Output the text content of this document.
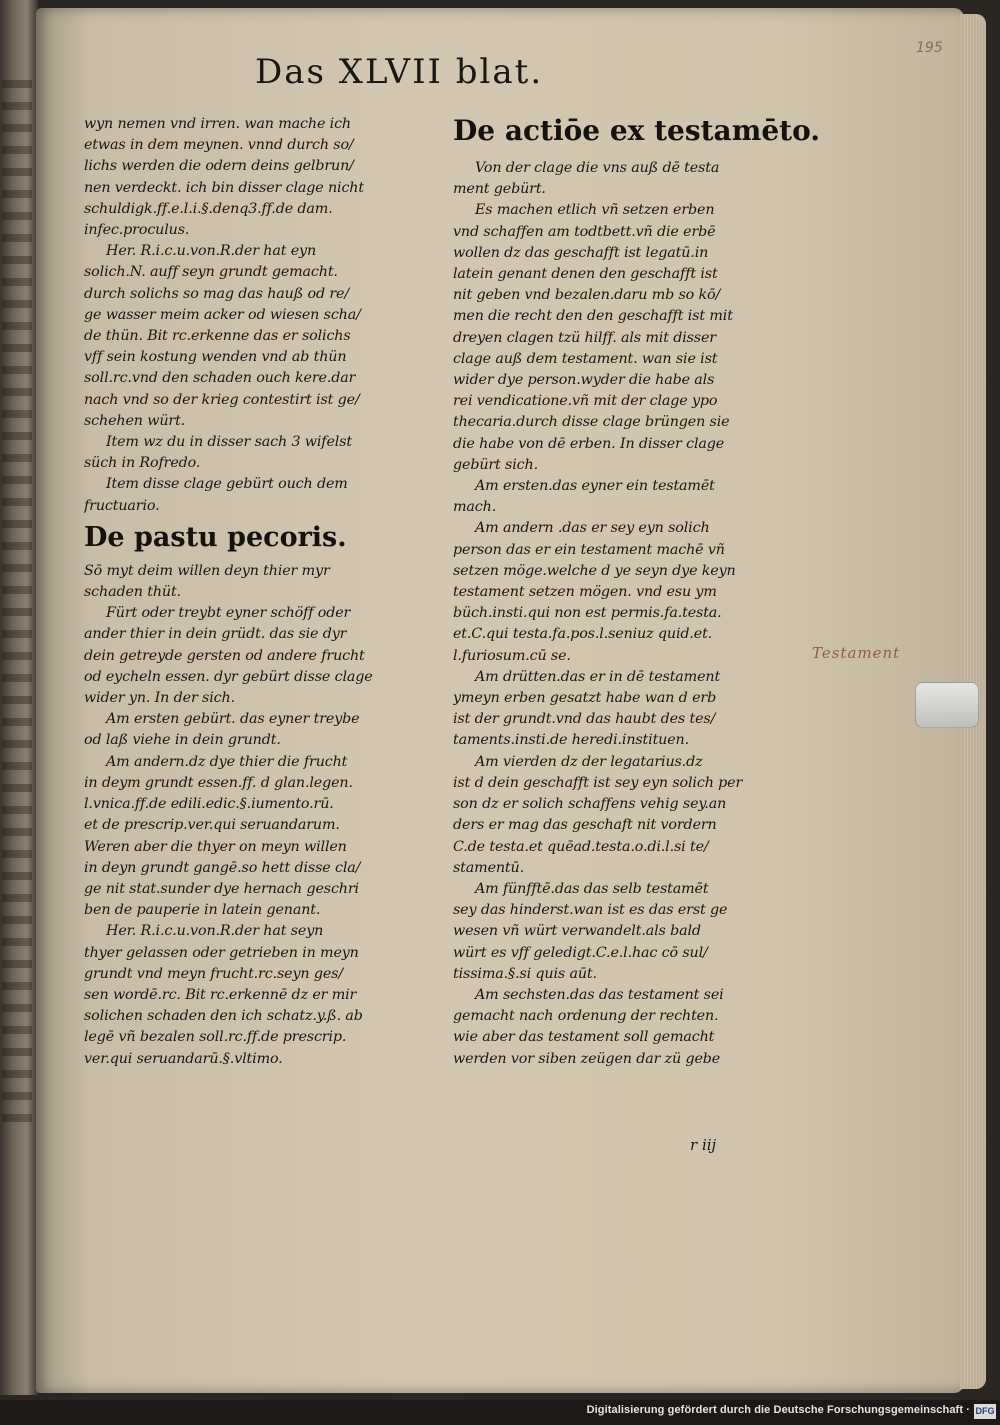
Das XLVII blat.
195
wyn nemen vnd irren. wan mache ich
etwas in dem meynen. vnnd durch so/
lichs werden die odern deins gelbrun/
nen verdeckt. ich bin disser clage nicht
schuldigk.ff.e.l.i.§.denq3.ff.de dam.
infec.proculus.
Her. R.i.c.u.von.R.der hat eyn
solich.N. auff seyn grundt gemacht.
durch solichs so mag das hauß od re/
ge wasser meim acker od wiesen scha/
de thün. Bit rc.erkenne das er solichs
vff sein kostung wenden vnd ab thün
soll.rc.vnd den schaden ouch kere.dar
nach vnd so der krieg contestirt ist ge/
schehen würt.
Item wz du in disser sach 3 wifelst
süch in Rofredo.
Item disse clage gebürt ouch dem
fructuario.
De pastu pecoris.
Sō myt deim willen deyn thier myr
schaden thüt.
Fürt oder treybt eyner schöff oder
ander thier in dein grüdt. das sie dyr
dein getreyde gersten od andere frucht
od eycheln essen. dyr gebürt disse clage
wider yn. In der sich.
Am ersten gebürt. das eyner treybe
od laß viehe in dein grundt.
Am andern.dz dye thier die frucht
in deym grundt essen.ff. d glan.legen.
l.vnica.ff.de edili.edic.§.iumento.rū.
et de prescrip.ver.qui seruandarum.
Weren aber die thyer on meyn willen
in deyn grundt gangē.so hett disse cla/
ge nit stat.sunder dye hernach geschri
ben de pauperie in latein genant.
Her. R.i.c.u.von.R.der hat seyn
thyer gelassen oder getrieben in meyn
grundt vnd meyn frucht.rc.seyn ges/
sen wordē.rc. Bit rc.erkennē dz er mir
solichen schaden den ich schatz.y.ß. ab
legē vñ bezalen soll.rc.ff.de prescrip.
ver.qui seruandarū.§.vltimo.
De actiōe ex testamēto.
Von der clage die vns auß dē testa
ment gebürt.
Es machen etlich vñ setzen erben
vnd schaffen am todtbett.vñ die erbē
wollen dz das geschafft ist legatū.in
latein genant denen den geschafft ist
nit geben vnd bezalen.daru mb so kō/
men die recht den den geschafft ist mit
dreyen clagen tzü hilff. als mit disser
clage auß dem testament. wan sie ist
wider dye person.wyder die habe als
rei vendicatione.vñ mit der clage ypo
thecaria.durch disse clage brüngen sie
die habe von dē erben. In disser clage
gebürt sich.
Am ersten.das eyner ein testamēt
mach.
Am andern .das er sey eyn solich
person das er ein testament machē vñ
setzen möge.welche d ye seyn dye keyn
testament setzen mögen. vnd esu ym
büch.insti.qui non est permis.fa.testa.
et.C.qui testa.fa.pos.l.seniuz quid.et.
l.furiosum.cū se.
Am drütten.das er in dē testament
ymeyn erben gesatzt habe wan d erb
ist der grundt.vnd das haubt des tes/
taments.insti.de heredi.instituen.
Am vierden dz der legatarius.dz
ist d dein geschafft ist sey eyn solich per
son dz er solich schaffens vehig sey.an
ders er mag das geschaft nit vordern
C.de testa.et quēad.testa.o.di.l.si te/
stamentū.
Am fünfftē.das das selb testamēt
sey das hinderst.wan ist es das erst ge
wesen vñ würt verwandelt.als bald
würt es vff geledigt.C.e.l.hac cō sul/
tissima.§.si quis aūt.
Am sechsten.das das testament sei
gemacht nach ordenung der rechten.
wie aber das testament soll gemacht
werden vor siben zeügen dar zü gebe
r iij
Testament
Digitalisierung gefördert durch die Deutsche Forschungsgemeinschaft · DFG
